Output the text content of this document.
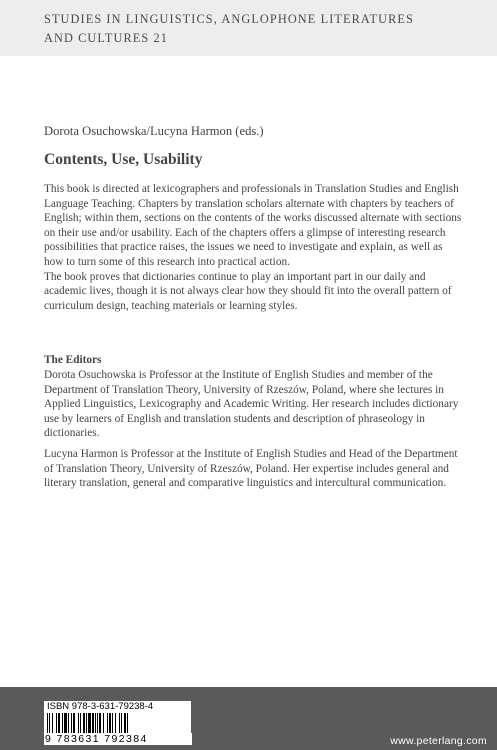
STUDIES IN LINGUISTICS, ANGLOPHONE LITERATURES
AND CULTURES 21

Dorota Osuchowska/Lucyna Harmon (eds.)

Contents, Use, Usability

This book is directed at lexicographers and professionals in Translation Studies and English Language Teaching. Chapters by translation scholars alternate with chapters by teachers of English; within them, sections on the contents of the works discussed alternate with sections on their use and/or usability. Each of the chapters offers a glimpse of interesting research possibilities that practice raises, the issues we need to investigate and explain, as well as how to turn some of this research into practical action.

The book proves that dictionaries continue to play an important part in our daily and academic lives, though it is not always clear how they should fit into the overall pattern of curriculum design, teaching materials or learning styles.

The Editors

Dorota Osuchowska is Professor at the Institute of English Studies and member of the Department of Translation Theory, University of Rzeszów, Poland, where she lectures in Applied Linguistics, Lexicography and Academic Writing. Her research includes dictionary use by learners of English and translation students and description of phraseology in dictionaries.

Lucyna Harmon is Professor at the Institute of English Studies and Head of the Department of Translation Theory, University of Rzeszów, Poland. Her expertise includes general and literary translation, general and comparative linguistics and intercultural communication.

ISBN 978-3-631-79238-4
9 783631 792384	www.peterlang.com
